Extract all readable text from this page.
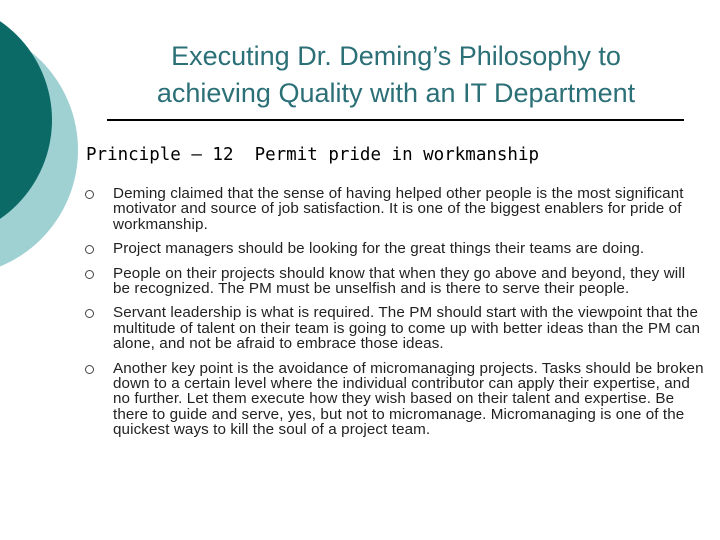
Executing Dr. Deming’s Philosophy to
achieving Quality with an IT Department
Principle – 12  Permit pride in workmanship
Deming claimed that the sense of having helped other people is the most significant motivator and source of job satisfaction. It is one of the biggest enablers for pride of workmanship.
Project managers should be looking for the great things their teams are doing.
People on their projects should know that when they go above and beyond, they will be recognized. The PM must be unselfish and is there to serve their people.
Servant leadership is what is required. The PM should start with the viewpoint that the multitude of talent on their team is going to come up with better ideas than the PM can alone, and not be afraid to embrace those ideas.
Another key point is the avoidance of micromanaging projects. Tasks should be broken down to a certain level where the individual contributor can apply their expertise, and no further. Let them execute how they wish based on their talent and expertise. Be there to guide and serve, yes, but not to micromanage. Micromanaging is one of the quickest ways to kill the soul of a project team.
